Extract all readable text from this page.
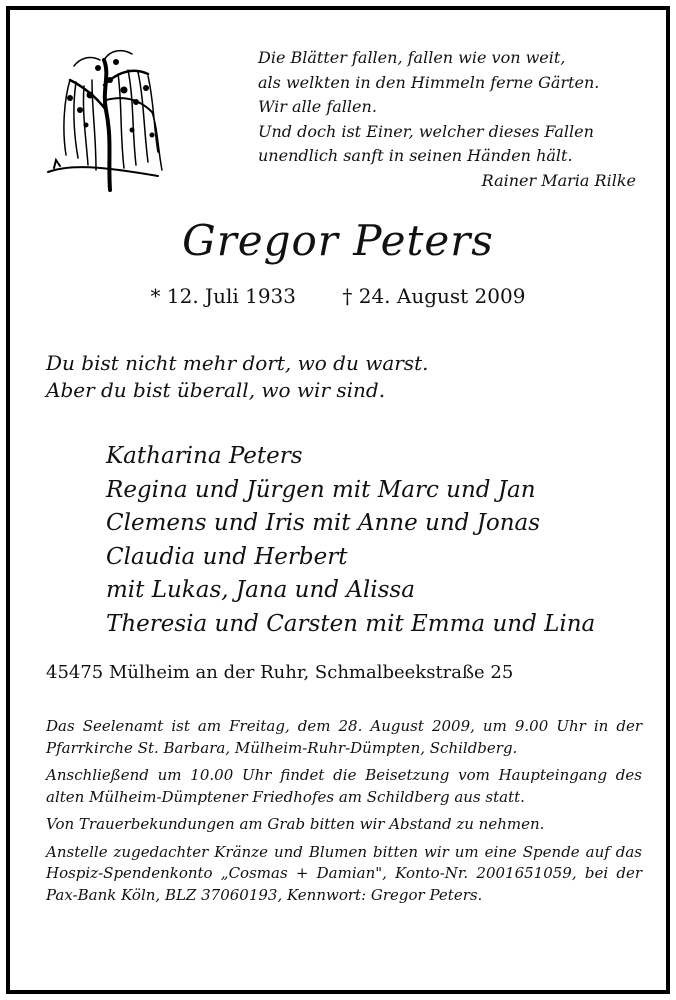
Die Blätter fallen, fallen wie von weit,
als welkten in den Himmeln ferne Gärten.
Wir alle fallen.
Und doch ist Einer, welcher dieses Fallen
unendlich sanft in seinen Händen hält.
Rainer Maria Rilke
Gregor Peters
* 12. Juli 1933 † 24. August 2009
Du bist nicht mehr dort, wo du warst.
Aber du bist überall, wo wir sind.
Katharina Peters
Regina und Jürgen mit Marc und Jan
Clemens und Iris mit Anne und Jonas
Claudia und Herbert
mit Lukas, Jana und Alissa
Theresia und Carsten mit Emma und Lina
45475 Mülheim an der Ruhr, Schmalbeekstraße 25

Das Seelenamt ist am Freitag, dem 28. August 2009, um 9.00 Uhr in der Pfarrkirche St. Barbara, Mülheim-Ruhr-Dümpten, Schildberg.

Anschließend um 10.00 Uhr findet die Beisetzung vom Haupteingang des alten Mülheim-Dümptener Friedhofes am Schildberg aus statt.

Von Trauerbekundungen am Grab bitten wir Abstand zu nehmen.

Anstelle zugedachter Kränze und Blumen bitten wir um eine Spende auf das Hospiz-Spendenkonto „Cosmas + Damian", Konto-Nr. 2001651059, bei der Pax-Bank Köln, BLZ 37060193, Kennwort: Gregor Peters.
